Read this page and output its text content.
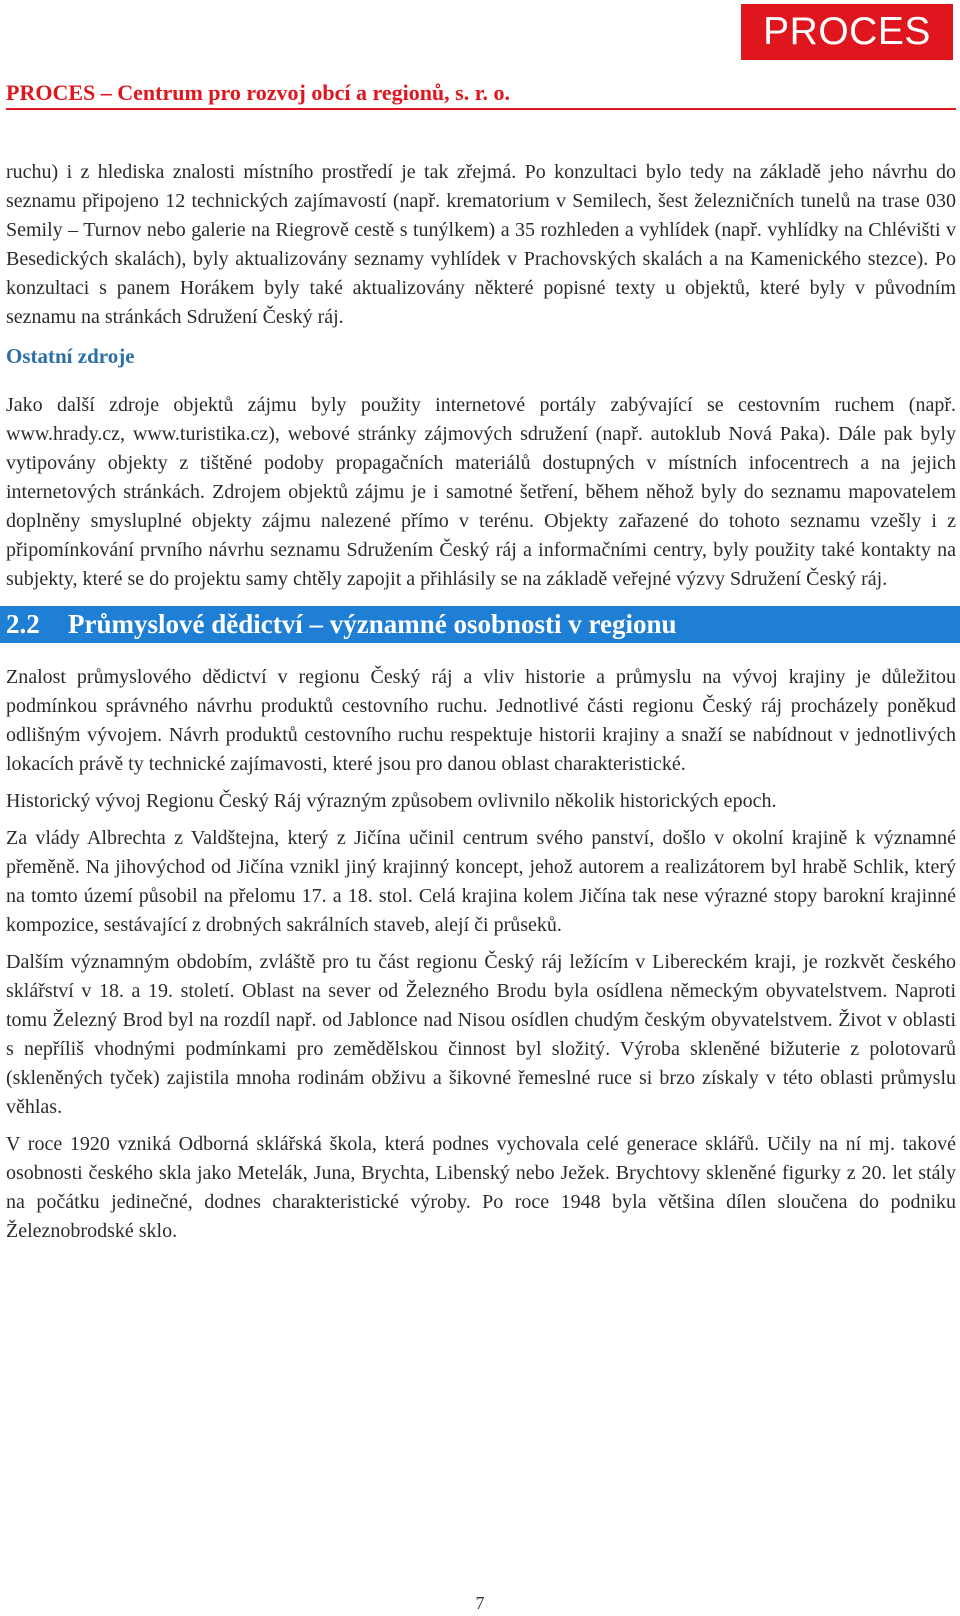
PROCES
PROCES – Centrum pro rozvoj obcí a regionů, s. r. o.

ruchu) i z hlediska znalosti místního prostředí je tak zřejmá. Po konzultaci bylo tedy na základě jeho návrhu do seznamu připojeno 12 technických zajímavostí (např. krematorium v Semilech, šest železničních tunelů na trase 030 Semily – Turnov nebo galerie na Riegrově cestě s tunýlkem) a 35 rozhleden a vyhlídek (např. vyhlídky na Chlévišti v Besedických skalách), byly aktualizovány seznamy vyhlídek v Prachovských skalách a na Kamenického stezce). Po konzultaci s panem Horákem byly také aktualizovány některé popisné texty u objektů, které byly v původním seznamu na stránkách Sdružení Český ráj.

Ostatní zdroje

Jako další zdroje objektů zájmu byly použity internetové portály zabývající se cestovním ruchem (např. www.hrady.cz, www.turistika.cz), webové stránky zájmových sdružení (např. autoklub Nová Paka). Dále pak byly vytipovány objekty z tištěné podoby propagačních materiálů dostupných v místních infocentrech a na jejich internetových stránkách. Zdrojem objektů zájmu je i samotné šetření, během něhož byly do seznamu mapovatelem doplněny smysluplné objekty zájmu nalezené přímo v terénu. Objekty zařazené do tohoto seznamu vzešly i z připomínkování prvního návrhu seznamu Sdružením Český ráj a informačními centry, byly použity také kontakty na subjekty, které se do projektu samy chtěly zapojit a přihlásily se na základě veřejné výzvy Sdružení Český ráj.

2.2 Průmyslové dědictví – významné osobnosti v regionu

Znalost průmyslového dědictví v regionu Český ráj a vliv historie a průmyslu na vývoj krajiny je důležitou podmínkou správného návrhu produktů cestovního ruchu. Jednotlivé části regionu Český ráj procházely poněkud odlišným vývojem. Návrh produktů cestovního ruchu respektuje historii krajiny a snaží se nabídnout v jednotlivých lokacích právě ty technické zajímavosti, které jsou pro danou oblast charakteristické.

Historický vývoj Regionu Český Ráj výrazným způsobem ovlivnilo několik historických epoch.

Za vlády Albrechta z Valdštejna, který z Jičína učinil centrum svého panství, došlo v okolní krajině k významné přeměně. Na jihovýchod od Jičína vznikl jiný krajinný koncept, jehož autorem a realizátorem byl hrabě Schlik, který na tomto území působil na přelomu 17. a 18. stol. Celá krajina kolem Jičína tak nese výrazné stopy barokní krajinné kompozice, sestávající z drobných sakrálních staveb, alejí či průseků.

Dalším významným obdobím, zvláště pro tu část regionu Český ráj ležícím v Libereckém kraji, je rozkvět českého sklářství v 18. a 19. století. Oblast na sever od Železného Brodu byla osídlena německým obyvatelstvem. Naproti tomu Železný Brod byl na rozdíl např. od Jablonce nad Nisou osídlen chudým českým obyvatelstvem. Život v oblasti s nepříliš vhodnými podmínkami pro zemědělskou činnost byl složitý. Výroba skleněné bižuterie z polotovarů (skleněných tyček) zajistila mnoha rodinám obživu a šikovné řemeslné ruce si brzo získaly v této oblasti průmyslu věhlas.

V roce 1920 vzniká Odborná sklářská škola, která podnes vychovala celé generace sklářů. Učily na ní mj. takové osobnosti českého skla jako Metelák, Juna, Brychta, Libenský nebo Ježek. Brychtovy skleněné figurky z 20. let stály na počátku jedinečné, dodnes charakteristické výroby. Po roce 1948 byla většina dílen sloučena do podniku Železnobrodské sklo.

7
